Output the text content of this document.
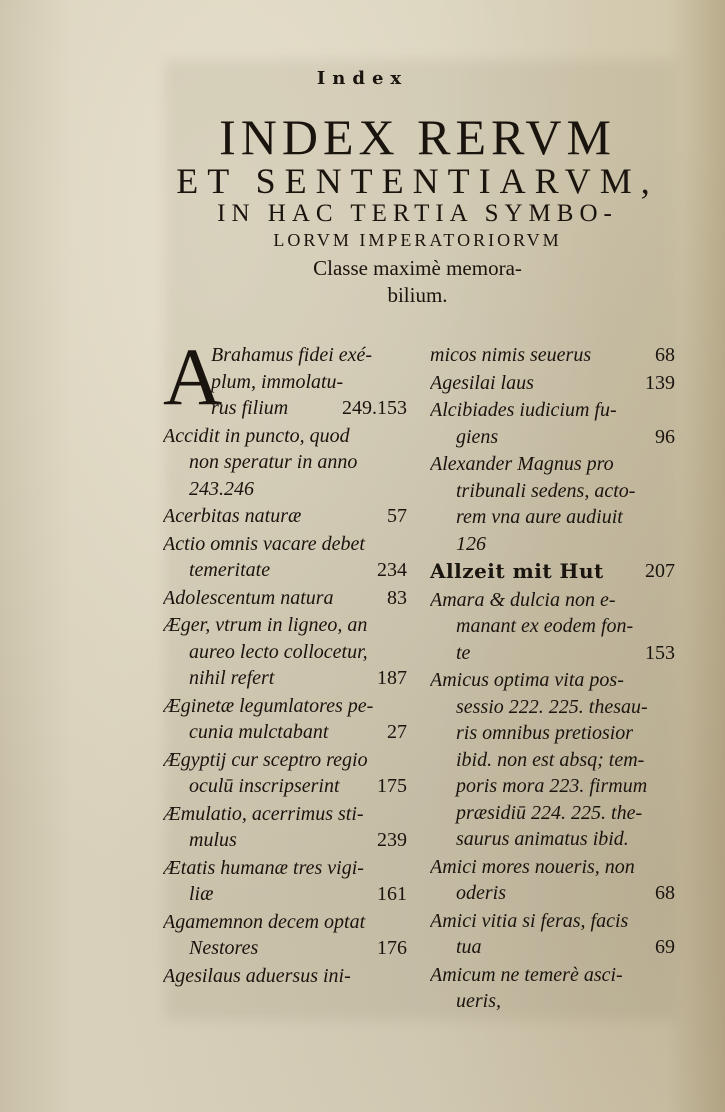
Index
INDEX RERVM
ET SENTENTIARVM,
IN HAC TERTIA SYMBO-
LORVM IMPERATORIORVM
Classe maximè memora-
bilium.
A
Brahamus fidei exé-
plum, immolatu-
rus filium	249.153
Accidit in puncto, quod
non speratur in anno
243.246
57
Acerbitas naturæ
Actio omnis vacare debet
234
temeritate
83
Adolescentum natura
Æger, vtrum in ligneo, an
aureo lecto collocetur,
187
nihil refert
Æginetæ legumlatores pe-
27
cunia mulctabant
Ægyptij cur sceptro regio
175
oculū inscripserint
Æmulatio, acerrimus sti-
239
mulus
Ætatis humanæ tres vigi-
161
liæ
Agamemnon decem optat
176
Nestores
Agesilaus aduersus ini-
68
micos nimis seuerus
139
Agesilai laus
Alcibiades iudicium fu-
96
giens
Alexander Magnus pro
tribunali sedens, acto-
rem vna aure audiuit
126
207
Allzeit mit Hut
Amara & dulcia non e-
manant ex eodem fon-
153
te
Amicus optima vita pos-
sessio 222. 225. thesau-
ris omnibus pretiosior
ibid. non est absq; tem-
poris mora 223. firmum
præsidiū 224. 225. the-
saurus animatus ibid.
Amici mores noueris, non
68
oderis
Amici vitia si feras, facis
69
tua
Amicum ne temerè asci-
ueris,
